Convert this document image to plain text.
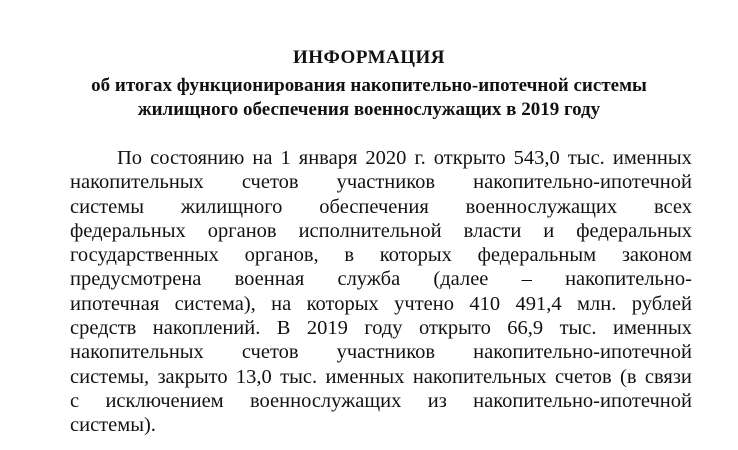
ИНФОРМАЦИЯ
об итогах функционирования накопительно-ипотечной системы
жилищного обеспечения военнослужащих в 2019 году
По состоянию на 1 января 2020 г. открыто 543,0 тыс. именных
накопительных счетов участников накопительно-ипотечной
системы жилищного обеспечения военнослужащих всех
федеральных органов исполнительной власти и федеральных
государственных органов, в которых федеральным законом
предусмотрена военная служба (далее – накопительно-
ипотечная система), на которых учтено 410 491,4 млн. рублей
средств накоплений. В 2019 году открыто 66,9 тыс. именных
накопительных счетов участников накопительно-ипотечной
системы, закрыто 13,0 тыс. именных накопительных счетов (в связи
с исключением военнослужащих из накопительно-ипотечной
системы).
